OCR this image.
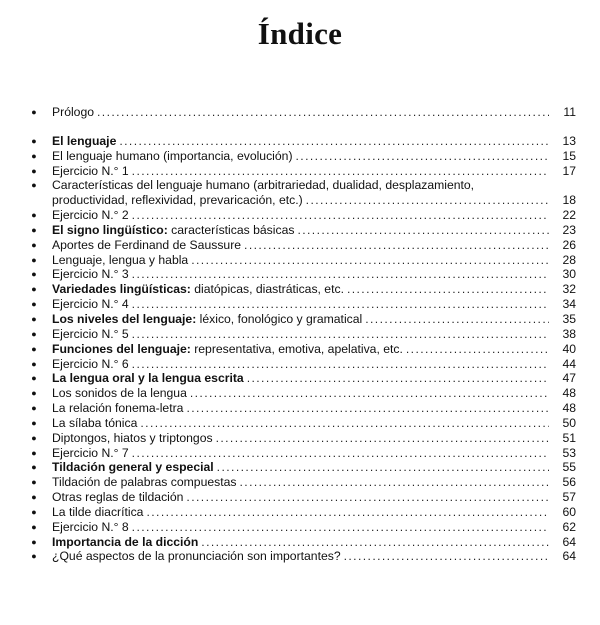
Índice
● Prólogo .....	11
● El lenguaje .....	13
● El lenguaje humano (importancia, evolución) .....	15
● Ejercicio N.° 1 .....	17
● Características del lenguaje humano (arbitrariedad, dualidad, desplazamiento,
productividad, reflexividad, prevaricación, etc.) .....	18
● Ejercicio N.° 2 .....	22
● El signo lingüístico: características básicas .....	23
● Aportes de Ferdinand de Saussure .....	26
● Lenguaje, lengua y habla .....	28
● Ejercicio N.° 3 .....	30
● Variedades lingüísticas: diatópicas, diastráticas, etc. .....	32
● Ejercicio N.° 4 .....	34
● Los niveles del lenguaje: léxico, fonológico y gramatical .....	35
● Ejercicio N.° 5 .....	38
● Funciones del lenguaje: representativa, emotiva, apelativa, etc. .....	40
● Ejercicio N.° 6 .....	44
● La lengua oral y la lengua escrita .....	47
● Los sonidos de la lengua .....	48
● La relación fonema-letra .....	48
● La sílaba tónica .....	50
● Diptongos, hiatos y triptongos .....	51
● Ejercicio N.° 7 .....	53
● Tildación general y especial .....	55
● Tildación de palabras compuestas .....	56
● Otras reglas de tildación .....	57
● La tilde diacrítica .....	60
● Ejercicio N.° 8 .....	62
● Importancia de la dicción .....	64
● ¿Qué aspectos de la pronunciación son importantes? .....	64
